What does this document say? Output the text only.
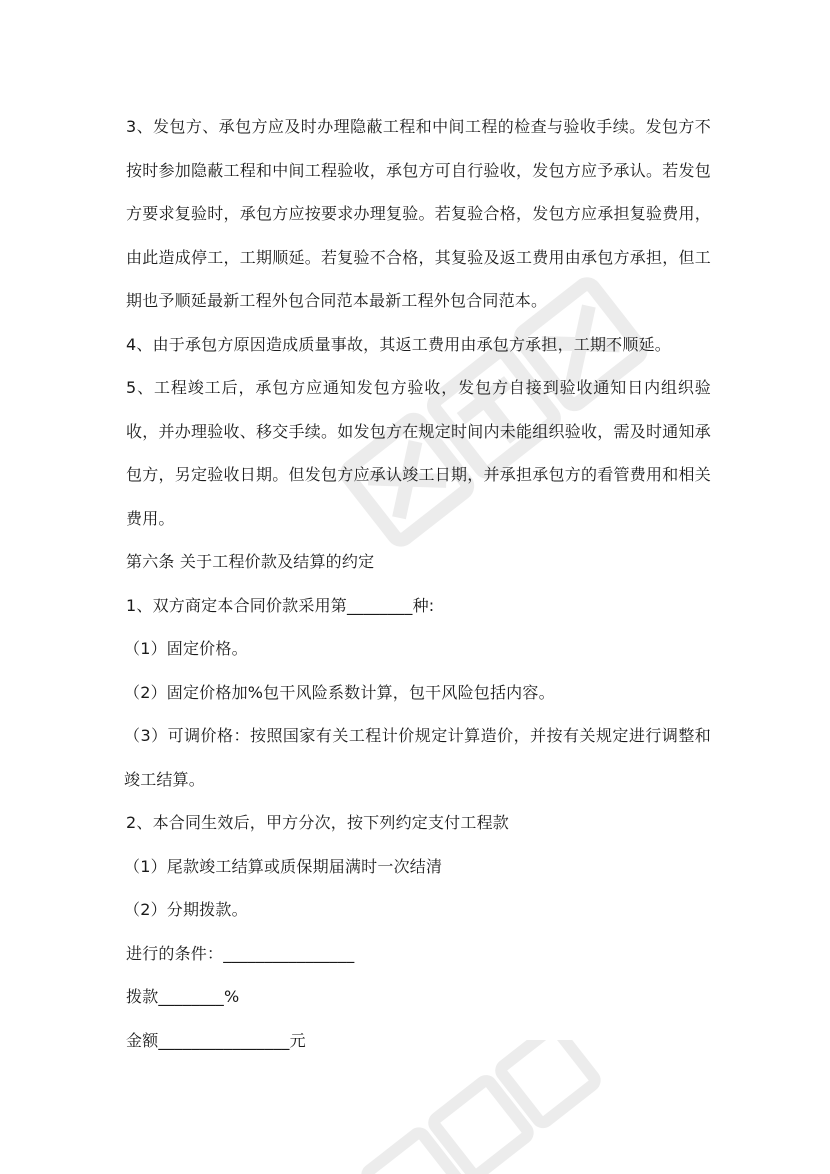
3、发包方、承包方应及时办理隐蔽工程和中间工程的检查与验收手续。发包方不按时参加隐蔽工程和中间工程验收，承包方可自行验收，发包方应予承认。若发包方要求复验时，承包方应按要求办理复验。若复验合格，发包方应承担复验费用，由此造成停工，工期顺延。若复验不合格，其复验及返工费用由承包方承担，但工期也予顺延最新工程外包合同范本最新工程外包合同范本。

4、由于承包方原因造成质量事故，其返工费用由承包方承担，工期不顺延。

5、工程竣工后，承包方应通知发包方验收，发包方自接到验收通知日内组织验收，并办理验收、移交手续。如发包方在规定时间内未能组织验收，需及时通知承包方，另定验收日期。但发包方应承认竣工日期，并承担承包方的看管费用和相关费用。

第六条 关于工程价款及结算的约定

1、双方商定本合同价款采用第________种:

（1）固定价格。

（2）固定价格加%包干风险系数计算，包干风险包括内容。

（3）可调价格：按照国家有关工程计价规定计算造价，并按有关规定进行调整和竣工结算。

2、本合同生效后，甲方分次，按下列约定支付工程款

（1）尾款竣工结算或质保期届满时一次结清

（2）分期拨款。

进行的条件：________________

拨款________%

金额________________元
